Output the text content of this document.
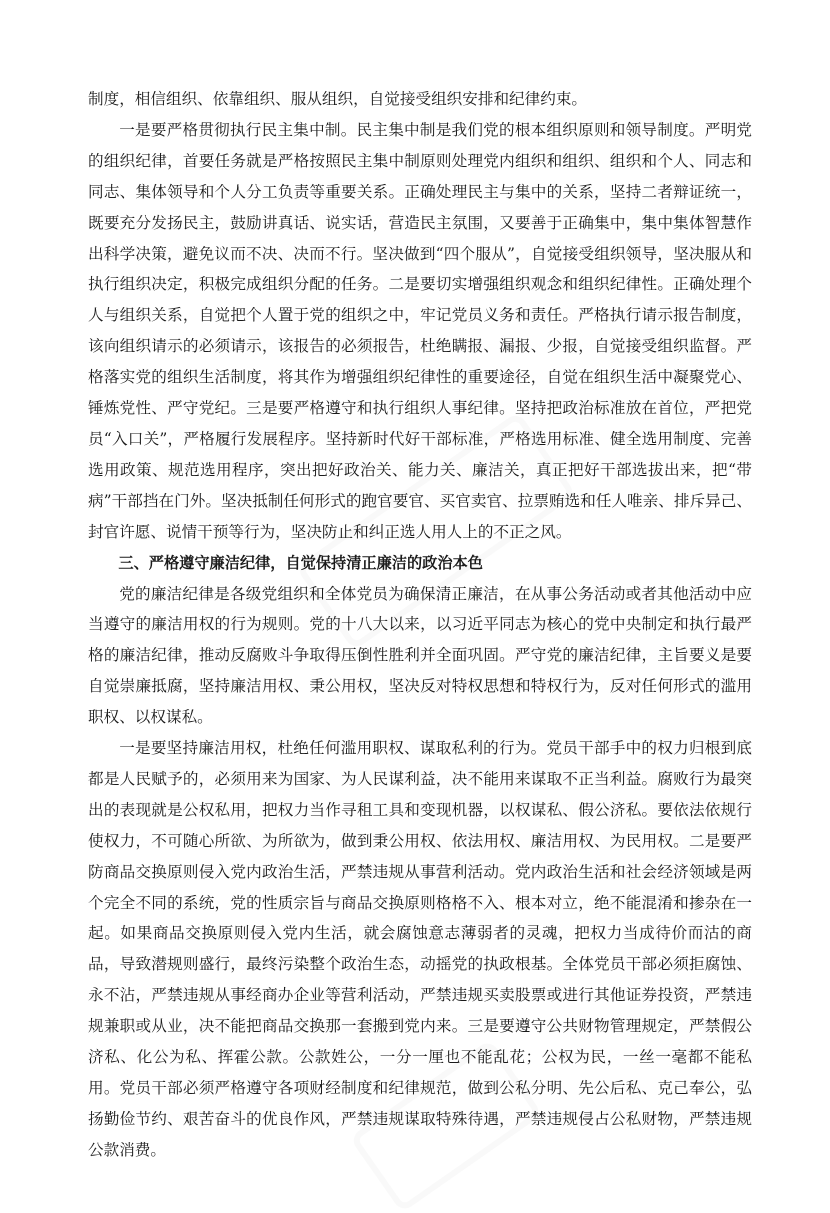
制度，相信组织、依靠组织、服从组织，自觉接受组织安排和纪律约束。

一是要严格贯彻执行民主集中制。民主集中制是我们党的根本组织原则和领导制度。严明党的组织纪律，首要任务就是严格按照民主集中制原则处理党内组织和组织、组织和个人、同志和同志、集体领导和个人分工负责等重要关系。正确处理民主与集中的关系，坚持二者辩证统一，既要充分发扬民主，鼓励讲真话、说实话，营造民主氛围，又要善于正确集中，集中集体智慧作出科学决策，避免议而不决、决而不行。坚决做到“四个服从”，自觉接受组织领导，坚决服从和执行组织决定，积极完成组织分配的任务。二是要切实增强组织观念和组织纪律性。正确处理个人与组织关系，自觉把个人置于党的组织之中，牢记党员义务和责任。严格执行请示报告制度，该向组织请示的必须请示，该报告的必须报告，杜绝瞒报、漏报、少报，自觉接受组织监督。严格落实党的组织生活制度，将其作为增强组织纪律性的重要途径，自觉在组织生活中凝聚党心、锤炼党性、严守党纪。三是要严格遵守和执行组织人事纪律。坚持把政治标准放在首位，严把党员“入口关”，严格履行发展程序。坚持新时代好干部标准，严格选用标准、健全选用制度、完善选用政策、规范选用程序，突出把好政治关、能力关、廉洁关，真正把好干部选拔出来，把“带病”干部挡在门外。坚决抵制任何形式的跑官要官、买官卖官、拉票贿选和任人唯亲、排斥异己、封官许愿、说情干预等行为，坚决防止和纠正选人用人上的不正之风。

三、严格遵守廉洁纪律，自觉保持清正廉洁的政治本色

党的廉洁纪律是各级党组织和全体党员为确保清正廉洁，在从事公务活动或者其他活动中应当遵守的廉洁用权的行为规则。党的十八大以来，以习近平同志为核心的党中央制定和执行最严格的廉洁纪律，推动反腐败斗争取得压倒性胜利并全面巩固。严守党的廉洁纪律，主旨要义是要自觉崇廉抵腐，坚持廉洁用权、秉公用权，坚决反对特权思想和特权行为，反对任何形式的滥用职权、以权谋私。

一是要坚持廉洁用权，杜绝任何滥用职权、谋取私利的行为。党员干部手中的权力归根到底都是人民赋予的，必须用来为国家、为人民谋利益，决不能用来谋取不正当利益。腐败行为最突出的表现就是公权私用，把权力当作寻租工具和变现机器，以权谋私、假公济私。要依法依规行使权力，不可随心所欲、为所欲为，做到秉公用权、依法用权、廉洁用权、为民用权。二是要严防商品交换原则侵入党内政治生活，严禁违规从事营利活动。党内政治生活和社会经济领域是两个完全不同的系统，党的性质宗旨与商品交换原则格格不入、根本对立，绝不能混淆和掺杂在一起。如果商品交换原则侵入党内生活，就会腐蚀意志薄弱者的灵魂，把权力当成待价而沽的商品，导致潜规则盛行，最终污染整个政治生态，动摇党的执政根基。全体党员干部必须拒腐蚀、永不沾，严禁违规从事经商办企业等营利活动，严禁违规买卖股票或进行其他证券投资，严禁违规兼职或从业，决不能把商品交换那一套搬到党内来。三是要遵守公共财物管理规定，严禁假公济私、化公为私、挥霍公款。公款姓公，一分一厘也不能乱花；公权为民，一丝一毫都不能私用。党员干部必须严格遵守各项财经制度和纪律规范，做到公私分明、先公后私、克己奉公，弘扬勤俭节约、艰苦奋斗的优良作风，严禁违规谋取特殊待遇，严禁违规侵占公私财物，严禁违规公款消费。
